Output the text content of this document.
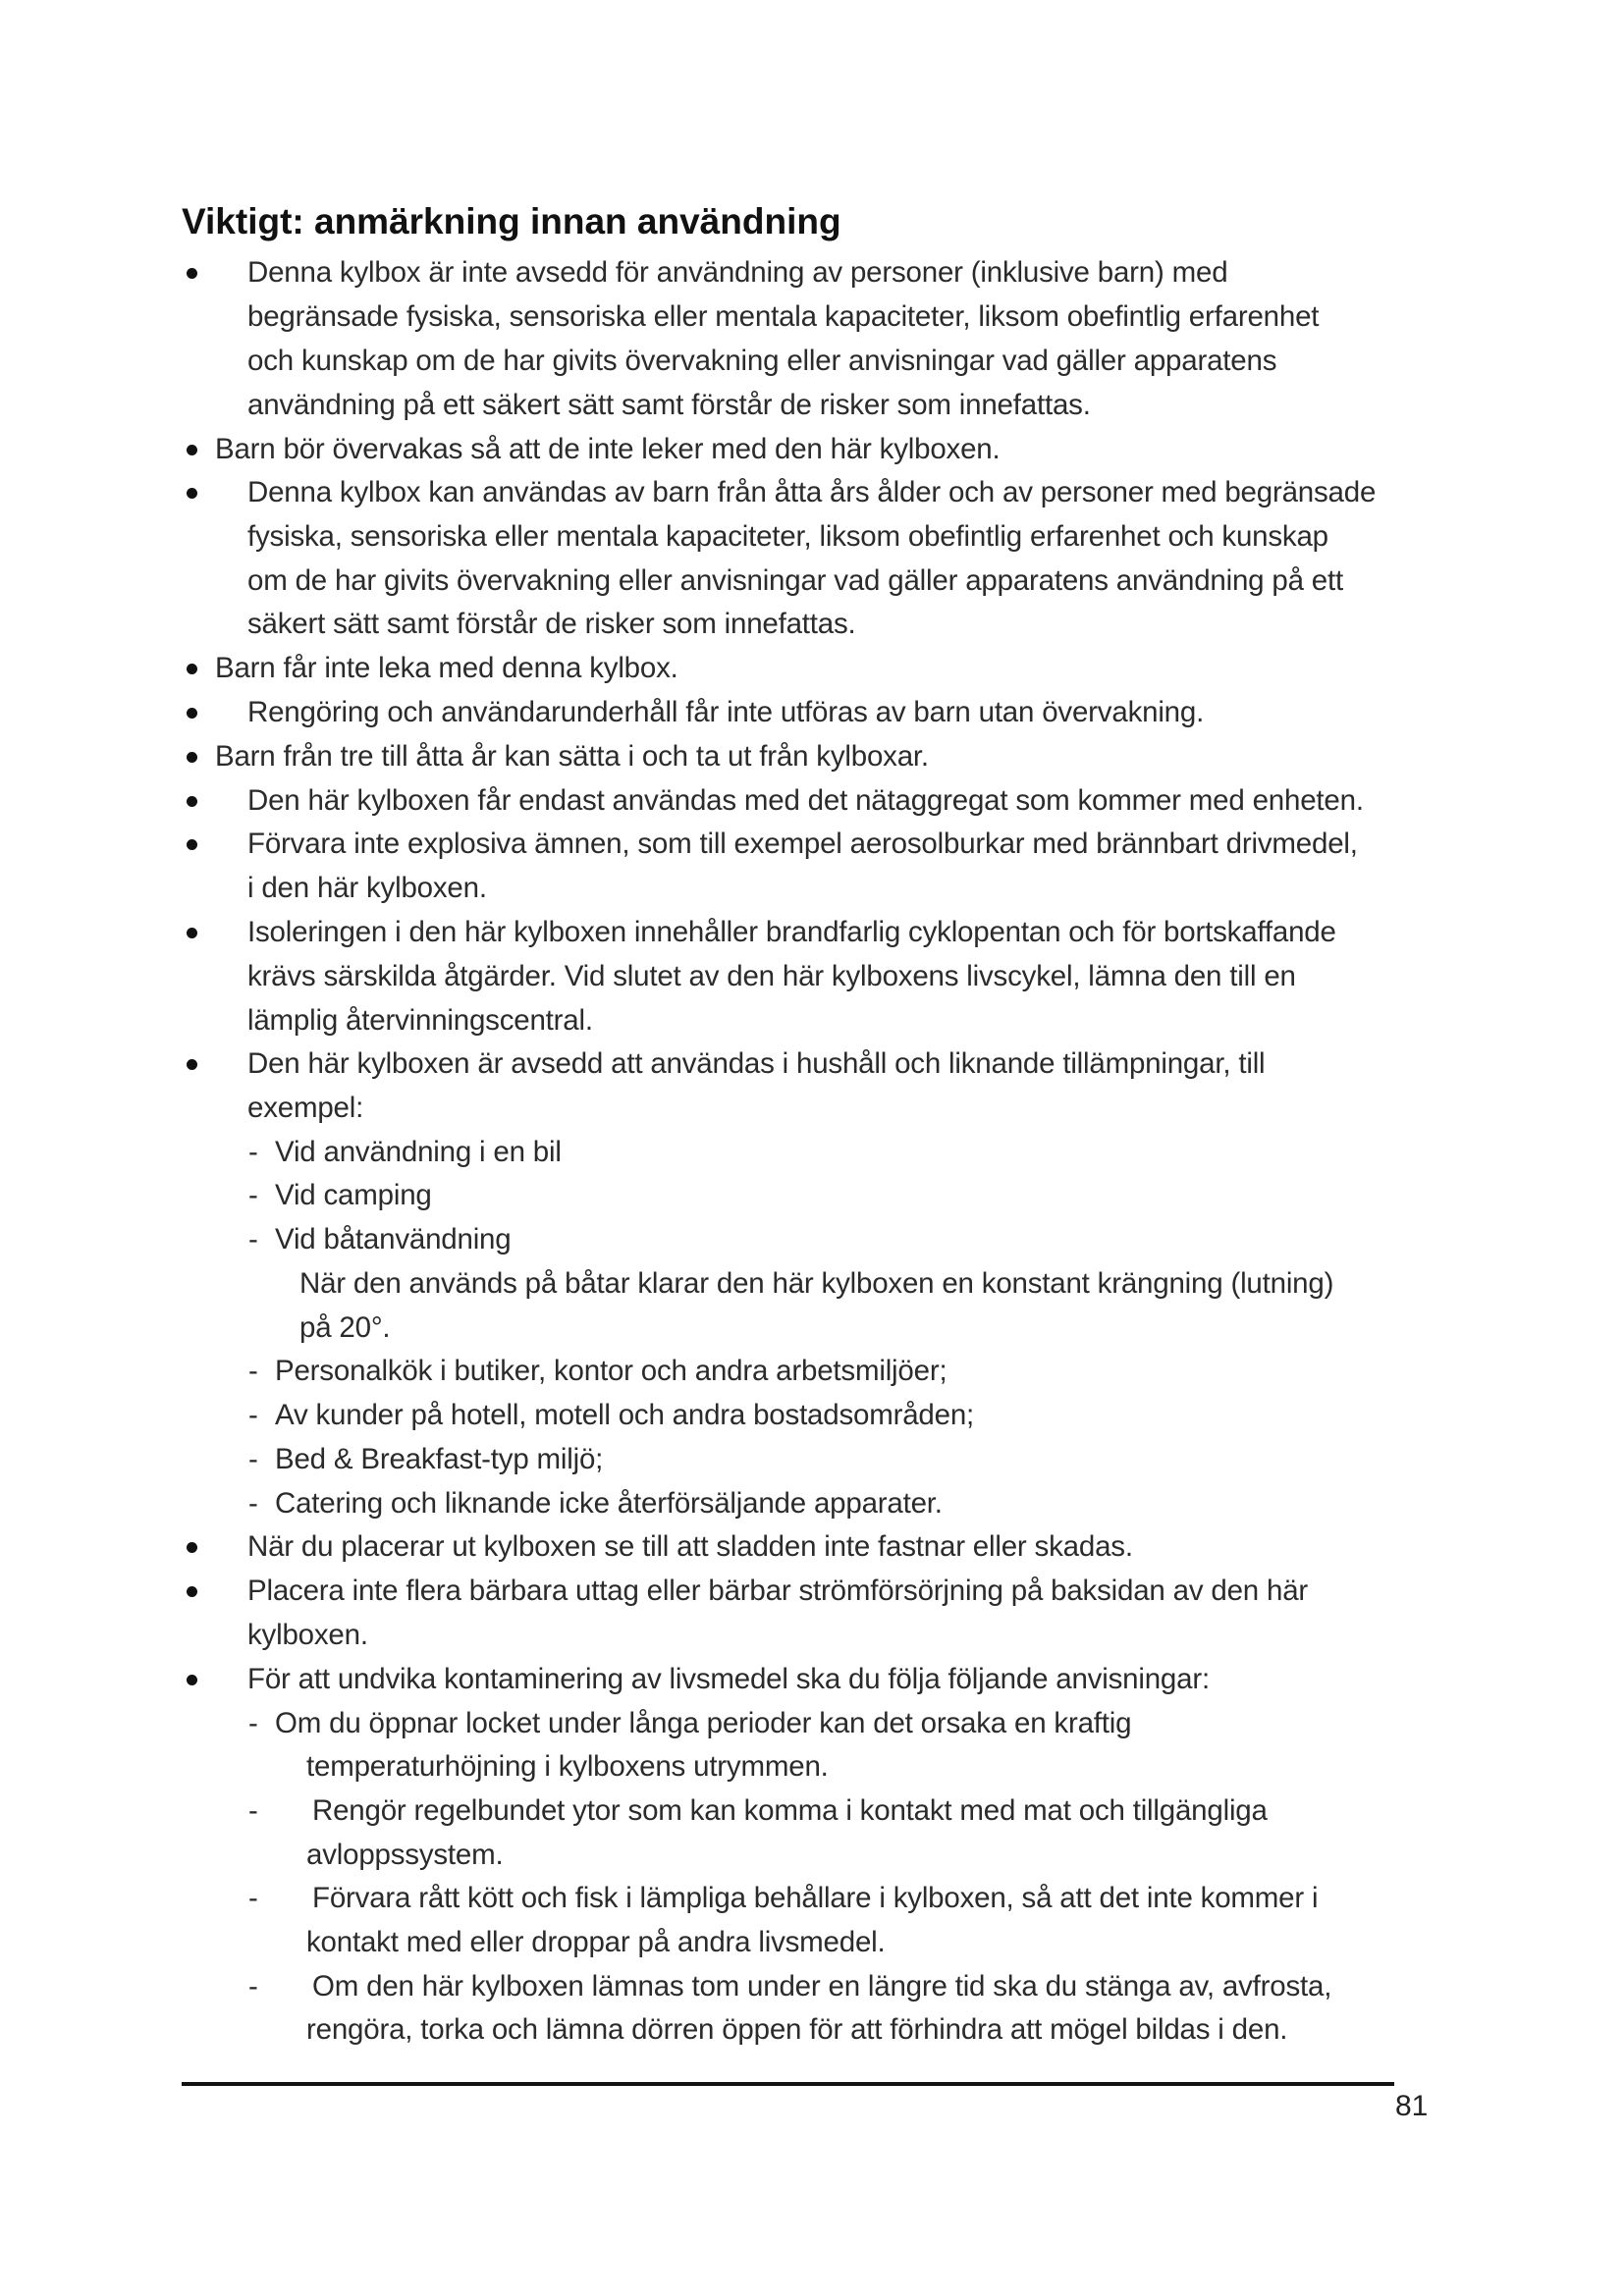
Viktigt: anmärkning innan användning
Denna kylbox är inte avsedd för användning av personer (inklusive barn) med
begränsade fysiska, sensoriska eller mentala kapaciteter, liksom obefintlig erfarenhet
och kunskap om de har givits övervakning eller anvisningar vad gäller apparatens
användning på ett säkert sätt samt förstår de risker som innefattas.
Barn bör övervakas så att de inte leker med den här kylboxen.
Denna kylbox kan användas av barn från åtta års ålder och av personer med begränsade
fysiska, sensoriska eller mentala kapaciteter, liksom obefintlig erfarenhet och kunskap
om de har givits övervakning eller anvisningar vad gäller apparatens användning på ett
säkert sätt samt förstår de risker som innefattas.
Barn får inte leka med denna kylbox.
Rengöring och användarunderhåll får inte utföras av barn utan övervakning.
Barn från tre till åtta år kan sätta i och ta ut från kylboxar.
Den här kylboxen får endast användas med det nätaggregat som kommer med enheten.
Förvara inte explosiva ämnen, som till exempel aerosolburkar med brännbart drivmedel,
i den här kylboxen.
Isoleringen i den här kylboxen innehåller brandfarlig cyklopentan och för bortskaffande
krävs särskilda åtgärder. Vid slutet av den här kylboxens livscykel, lämna den till en
lämplig återvinningscentral.
Den här kylboxen är avsedd att användas i hushåll och liknande tillämpningar, till
exempel:
Vid användning i en bil
-
Vid camping
-
Vid båtanvändning
-
När den används på båtar klarar den här kylboxen en konstant krängning (lutning)
på 20°.
Personalkök i butiker, kontor och andra arbetsmiljöer;
-
Av kunder på hotell, motell och andra bostadsområden;
-
Bed & Breakfast-typ miljö;
-
Catering och liknande icke återförsäljande apparater.
-
När du placerar ut kylboxen se till att sladden inte fastnar eller skadas.
Placera inte flera bärbara uttag eller bärbar strömförsörjning på baksidan av den här
kylboxen.
För att undvika kontaminering av livsmedel ska du följa följande anvisningar:
Om du öppnar locket under långa perioder kan det orsaka en kraftig
-
temperaturhöjning i kylboxens utrymmen.
Rengör regelbundet ytor som kan komma i kontakt med mat och tillgängliga
-
avloppssystem.
Förvara rått kött och fisk i lämpliga behållare i kylboxen, så att det inte kommer i
-
kontakt med eller droppar på andra livsmedel.
Om den här kylboxen lämnas tom under en längre tid ska du stänga av, avfrosta,
-
rengöra, torka och lämna dörren öppen för att förhindra att mögel bildas i den.
81
